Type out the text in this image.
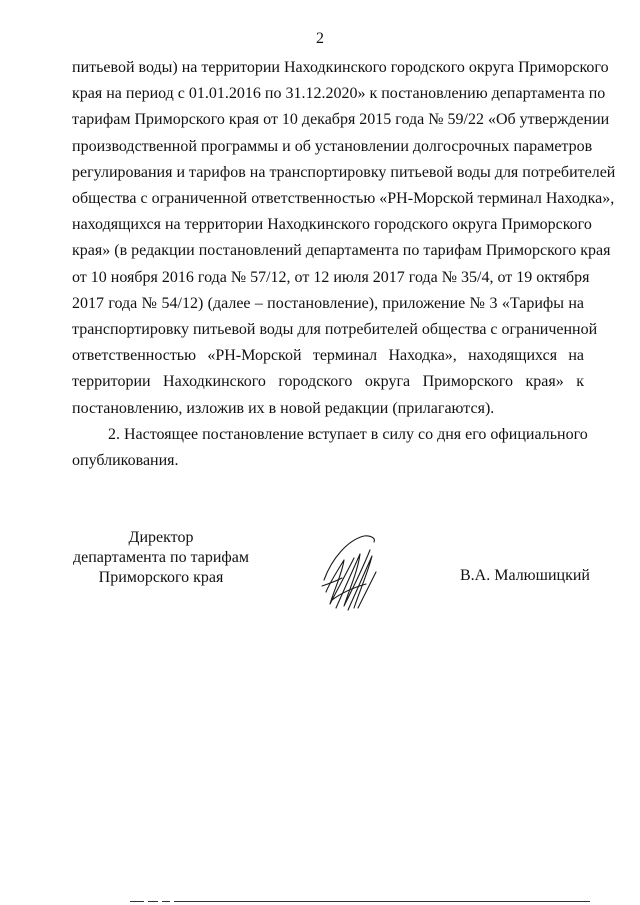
2
питьевой воды) на территории Находкинского городского округа Приморского
края на период с 01.01.2016 по 31.12.2020» к постановлению департамента по
тарифам Приморского края от 10 декабря 2015 года № 59/22 «Об утверждении
производственной программы и об установлении долгосрочных параметров
регулирования и тарифов на транспортировку питьевой воды для потребителей
общества с ограниченной ответственностью «РН-Морской терминал Находка»,
находящихся на территории Находкинского городского округа Приморского
края» (в редакции постановлений департамента по тарифам Приморского края
от 10 ноября 2016 года № 57/12, от 12 июля 2017 года № 35/4, от 19 октября
2017 года № 54/12) (далее – постановление), приложение № 3 «Тарифы на
транспортировку питьевой воды для потребителей общества с ограниченной
ответственностью «РН-Морской терминал Находка», находящихся на
территории Находкинского городского округа Приморского края» к
постановлению, изложив их в новой редакции (прилагаются).
2. Настоящее постановление вступает в силу со дня его официального
опубликования.
Директор
департамента по тарифам
Приморского края	В.А. Малюшицкий
